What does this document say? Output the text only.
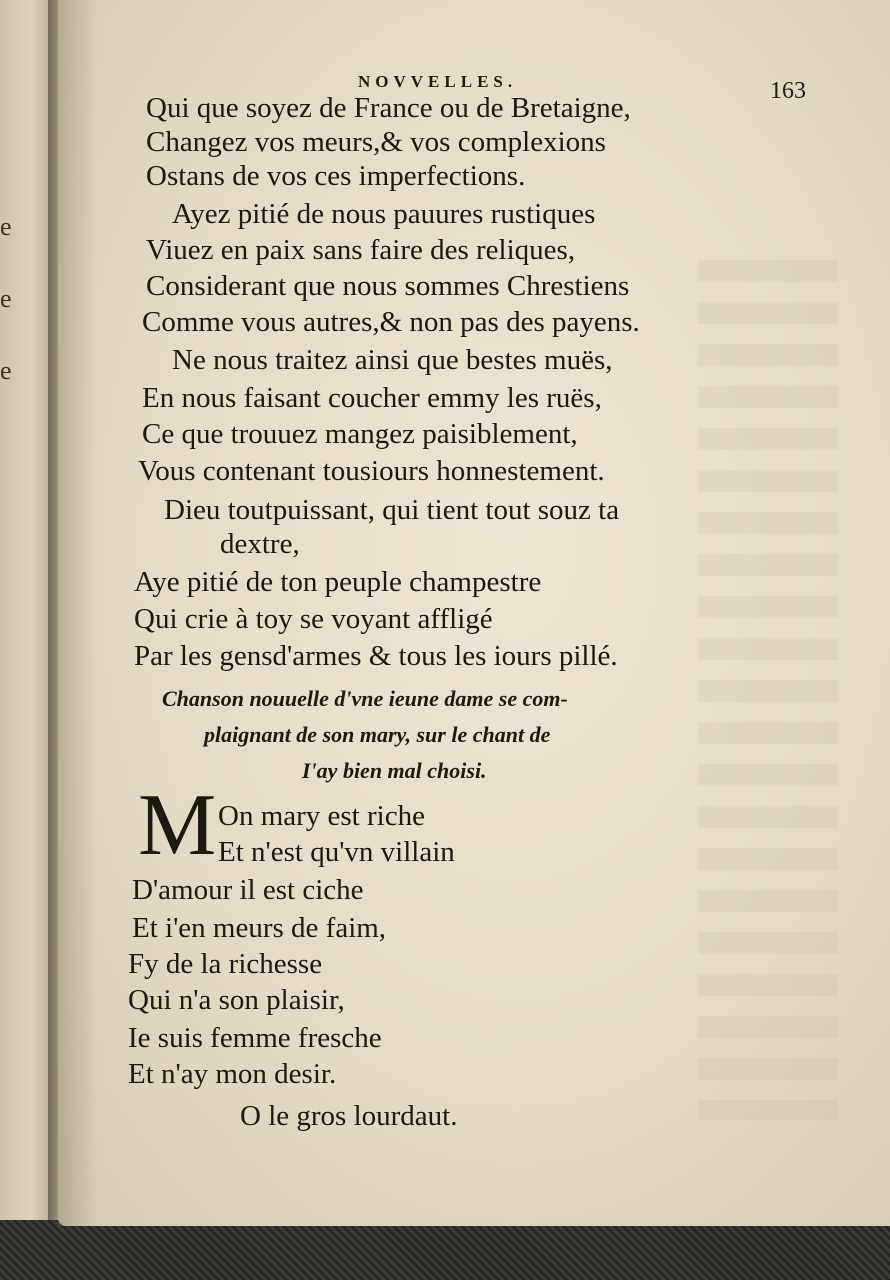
e
e
e
NOVVELLES.	163
Qui que soyez de France ou de Bretaigne,
Changez vos meurs,& vos complexions
Ostans de vos ces imperfections.
Ayez pitié de nous pauures rustiques
Viuez en paix sans faire des reliques,
Considerant que nous sommes Chrestiens
Comme vous autres,& non pas des payens.
Ne nous traitez ainsi que bestes muës,
En nous faisant coucher emmy les ruës,
Ce que trouuez mangez paisiblement,
Vous contenant tousiours honnestement.
Dieu toutpuissant, qui tient tout souz ta
dextre,
Aye pitié de ton peuple champestre
Qui crie à toy se voyant affligé
Par les gensd'armes & tous les iours pillé.
Chanson nouuelle d'vne ieune dame se com-
plaignant de son mary, sur le chant de
I'ay bien mal choisi.
M On mary est riche
Et n'est qu'vn villain
D'amour il est ciche
Et i'en meurs de faim,
Fy de la richesse
Qui n'a son plaisir,
Ie suis femme fresche
Et n'ay mon desir.
O le gros lourdaut.
